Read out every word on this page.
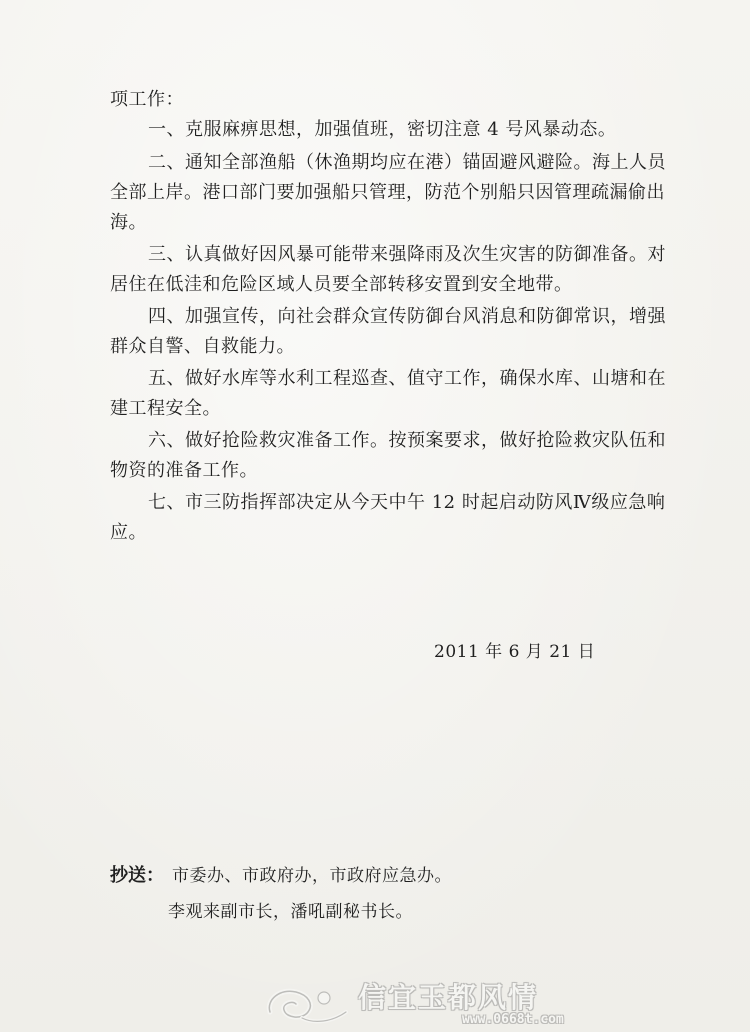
项工作：
一、克服麻痹思想，加强值班，密切注意 4 号风暴动态。
二、通知全部渔船（休渔期均应在港）锚固避风避险。海上人员
全部上岸。港口部门要加强船只管理，防范个别船只因管理疏漏偷出
海。
三、认真做好因风暴可能带来强降雨及次生灾害的防御准备。对
居住在低洼和危险区域人员要全部转移安置到安全地带。
四、加强宣传，向社会群众宣传防御台风消息和防御常识，增强
群众自警、自救能力。
五、做好水库等水利工程巡查、值守工作，确保水库、山塘和在
建工程安全。
六、做好抢险救灾准备工作。按预案要求，做好抢险救灾队伍和
物资的准备工作。
七、市三防指挥部决定从今天中午 12 时起启动防风Ⅳ级应急响
应。
2011 年 6 月 21 日
抄送： 市委办、市政府办，市政府应急办。
李观来副市长，潘吼副秘书长。
信宜玉都风情
www.0668t.com
